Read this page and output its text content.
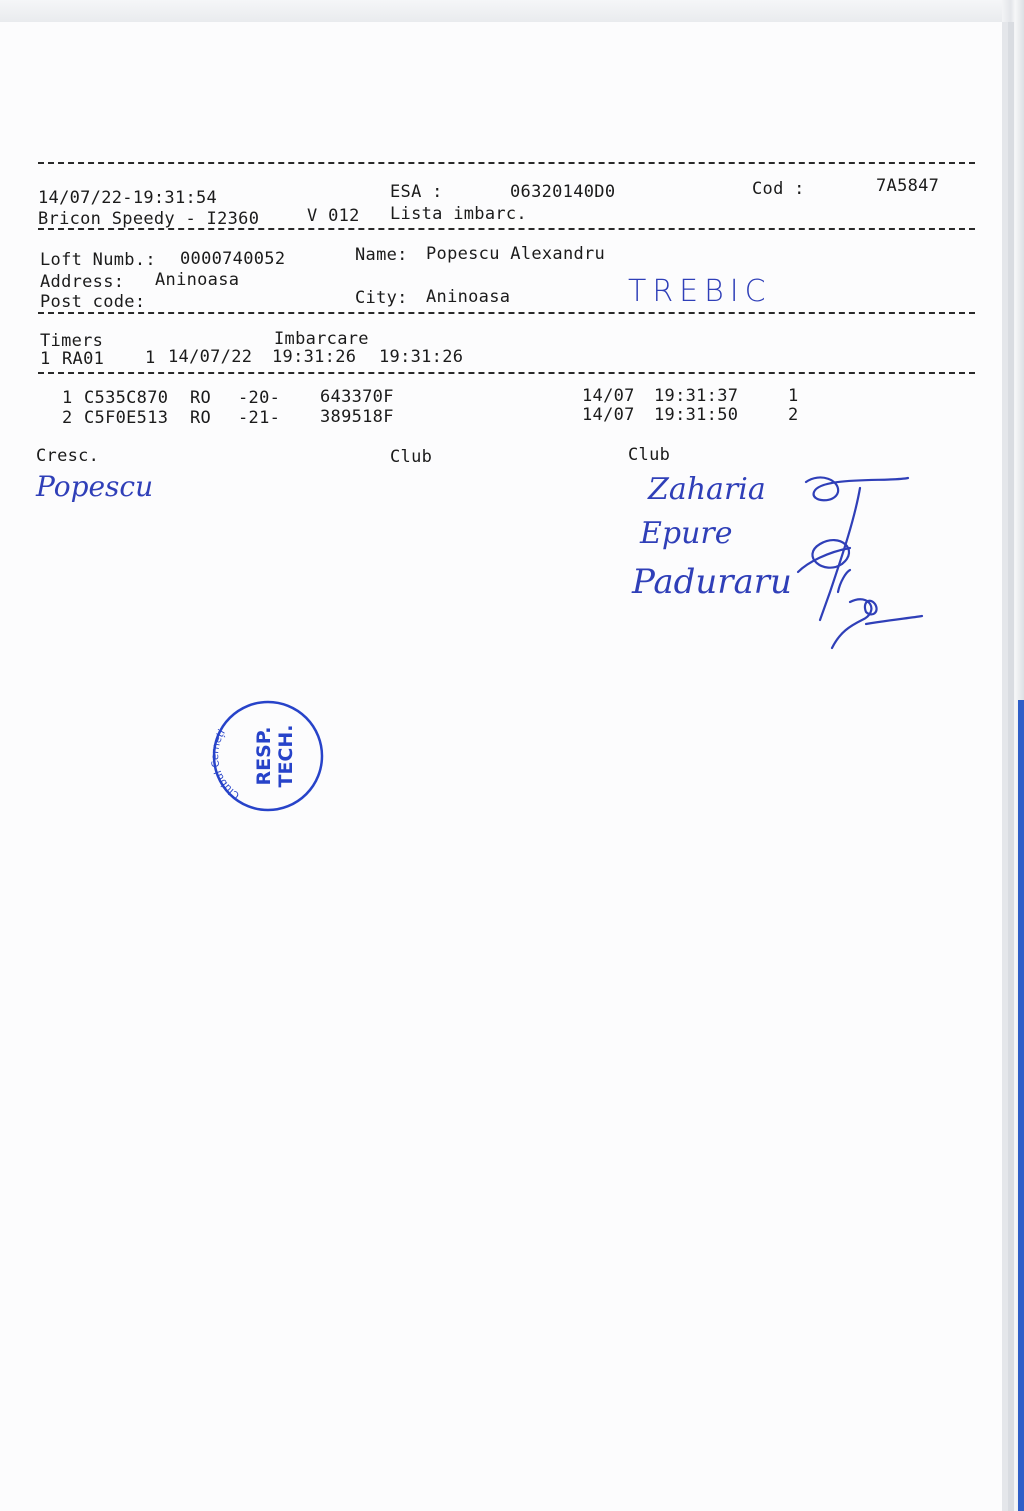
14/07/22-19:31:54	ESA :	06320140D0	Cod :	7A5847
Bricon Speedy - I2360	V 012 Lista imbarc.
Loft Numb.: 0000740052	Name: Popescu Alexandru
Address: Aninoasa
Post code:	City: Aninoasa	TREBIC
Timers	Imbarcare
1 RA01 1 14/07/22 19:31:26 19:31:26
1 C535C870 RO -20- 643370F	14/07 19:31:37	1
2 C5F0E513 RO -21- 389518F	14/07 19:31:50	2
Cresc.	Club	Club
Popescu	Zaharia
Epure
Padurаru
Clubul Cerneți	RESP. TECH.
